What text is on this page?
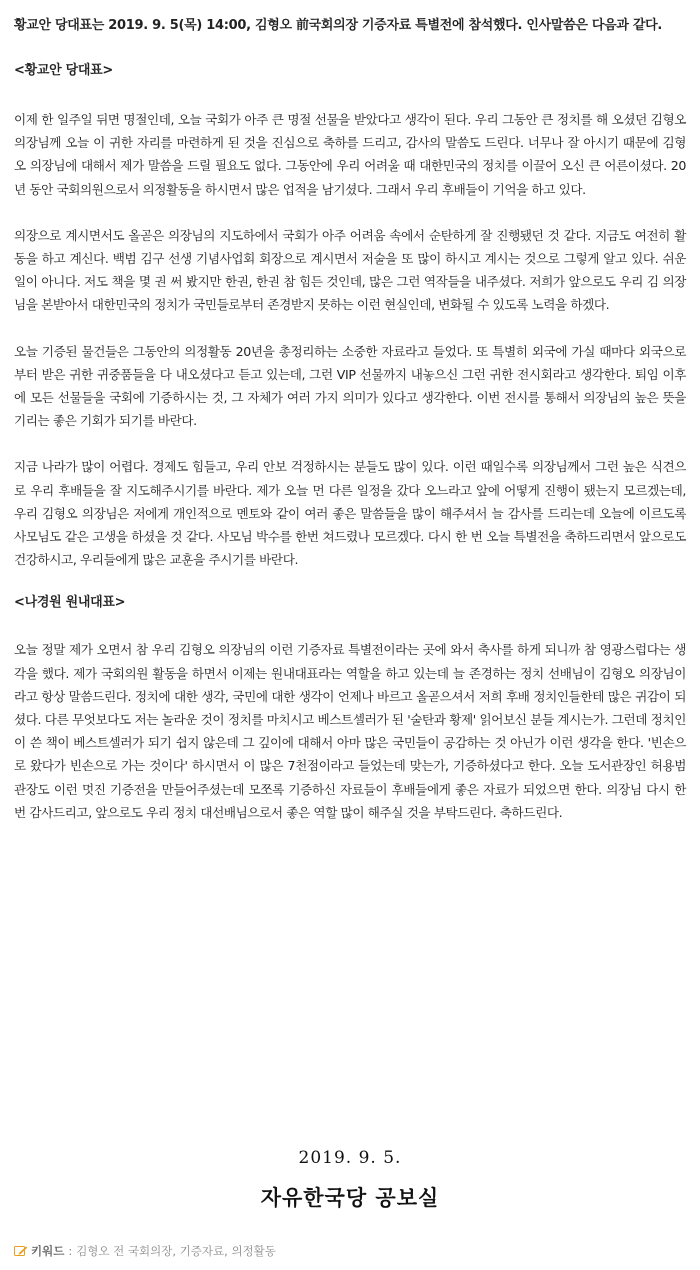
황교안 당대표는 2019. 9. 5(목) 14:00, 김형오 前국회의장 기증자료 특별전에 참석했다. 인사말씀은 다음과 같다.

<황교안 당대표>

이제 한 일주일 뒤면 명절인데, 오늘 국회가 아주 큰 명절 선물을 받았다고 생각이 된다. 우리 그동안 큰 정치를 해 오셨던 김형오 의장님께 오늘 이 귀한 자리를 마련하게 된 것을 진심으로 축하를 드리고, 감사의 말씀도 드린다. 너무나 잘 아시기 때문에 김형오 의장님에 대해서 제가 말씀을 드릴 필요도 없다. 그동안에 우리 어려울 때 대한민국의 정치를 이끌어 오신 큰 어른이셨다. 20년 동안 국회의원으로서 의정활동을 하시면서 많은 업적을 남기셨다. 그래서 우리 후배들이 기억을 하고 있다.

의장으로 계시면서도 올곧은 의장님의 지도하에서 국회가 아주 어려움 속에서 순탄하게 잘 진행됐던 것 같다. 지금도 여전히 활동을 하고 계신다. 백범 김구 선생 기념사업회 회장으로 계시면서 저술을 또 많이 하시고 계시는 것으로 그렇게 알고 있다. 쉬운 일이 아니다. 저도 책을 몇 권 써 봤지만 한권, 한권 참 힘든 것인데, 많은 그런 역작들을 내주셨다. 저희가 앞으로도 우리 김 의장님을 본받아서 대한민국의 정치가 국민들로부터 존경받지 못하는 이런 현실인데, 변화될 수 있도록 노력을 하겠다.

오늘 기증된 물건들은 그동안의 의정활동 20년을 총정리하는 소중한 자료라고 들었다. 또 특별히 외국에 가실 때마다 외국으로부터 받은 귀한 귀중품들을 다 내오셨다고 듣고 있는데, 그런 VIP 선물까지 내놓으신 그런 귀한 전시회라고 생각한다. 퇴임 이후에 모든 선물들을 국회에 기증하시는 것, 그 자체가 여러 가지 의미가 있다고 생각한다. 이번 전시를 통해서 의장님의 높은 뜻을 기리는 좋은 기회가 되기를 바란다.

지금 나라가 많이 어렵다. 경제도 힘들고, 우리 안보 걱정하시는 분들도 많이 있다. 이런 때일수록 의장님께서 그런 높은 식견으로 우리 후배들을 잘 지도해주시기를 바란다. 제가 오늘 먼 다른 일정을 갔다 오느라고 앞에 어떻게 진행이 됐는지 모르겠는데, 우리 김형오 의장님은 저에게 개인적으로 멘토와 같이 여러 좋은 말씀들을 많이 해주셔서 늘 감사를 드리는데 오늘에 이르도록 사모님도 같은 고생을 하셨을 것 같다. 사모님 박수를 한번 쳐드렸나 모르겠다. 다시 한 번 오늘 특별전을 축하드리면서 앞으로도 건강하시고, 우리들에게 많은 교훈을 주시기를 바란다.

<나경원 원내대표>

오늘 정말 제가 오면서 참 우리 김형오 의장님의 이런 기증자료 특별전이라는 곳에 와서 축사를 하게 되니까 참 영광스럽다는 생각을 했다. 제가 국회의원 활동을 하면서 이제는 원내대표라는 역할을 하고 있는데 늘 존경하는 정치 선배님이 김형오 의장님이라고 항상 말씀드린다. 정치에 대한 생각, 국민에 대한 생각이 언제나 바르고 올곧으셔서 저희 후배 정치인들한테 많은 귀감이 되셨다. 다른 무엇보다도 저는 놀라운 것이 정치를 마치시고 베스트셀러가 된 '술탄과 황제' 읽어보신 분들 계시는가. 그런데 정치인이 쓴 책이 베스트셀러가 되기 쉽지 않은데 그 깊이에 대해서 아마 많은 국민들이 공감하는 것 아닌가 이런 생각을 한다. '빈손으로 왔다가 빈손으로 가는 것이다' 하시면서 이 많은 7천점이라고 들었는데 맞는가, 기증하셨다고 한다. 오늘 도서관장인 허용범 관장도 이런 멋진 기증전을 만들어주셨는데 모쪼록 기증하신 자료들이 후배들에게 좋은 자료가 되었으면 한다. 의장님 다시 한 번 감사드리고, 앞으로도 우리 정치 대선배님으로서 좋은 역할 많이 해주실 것을 부탁드린다. 축하드린다.

2019. 9. 5.
자유한국당 공보실
키워드 : 김형오 전 국회의장, 기증자료, 의정활동
